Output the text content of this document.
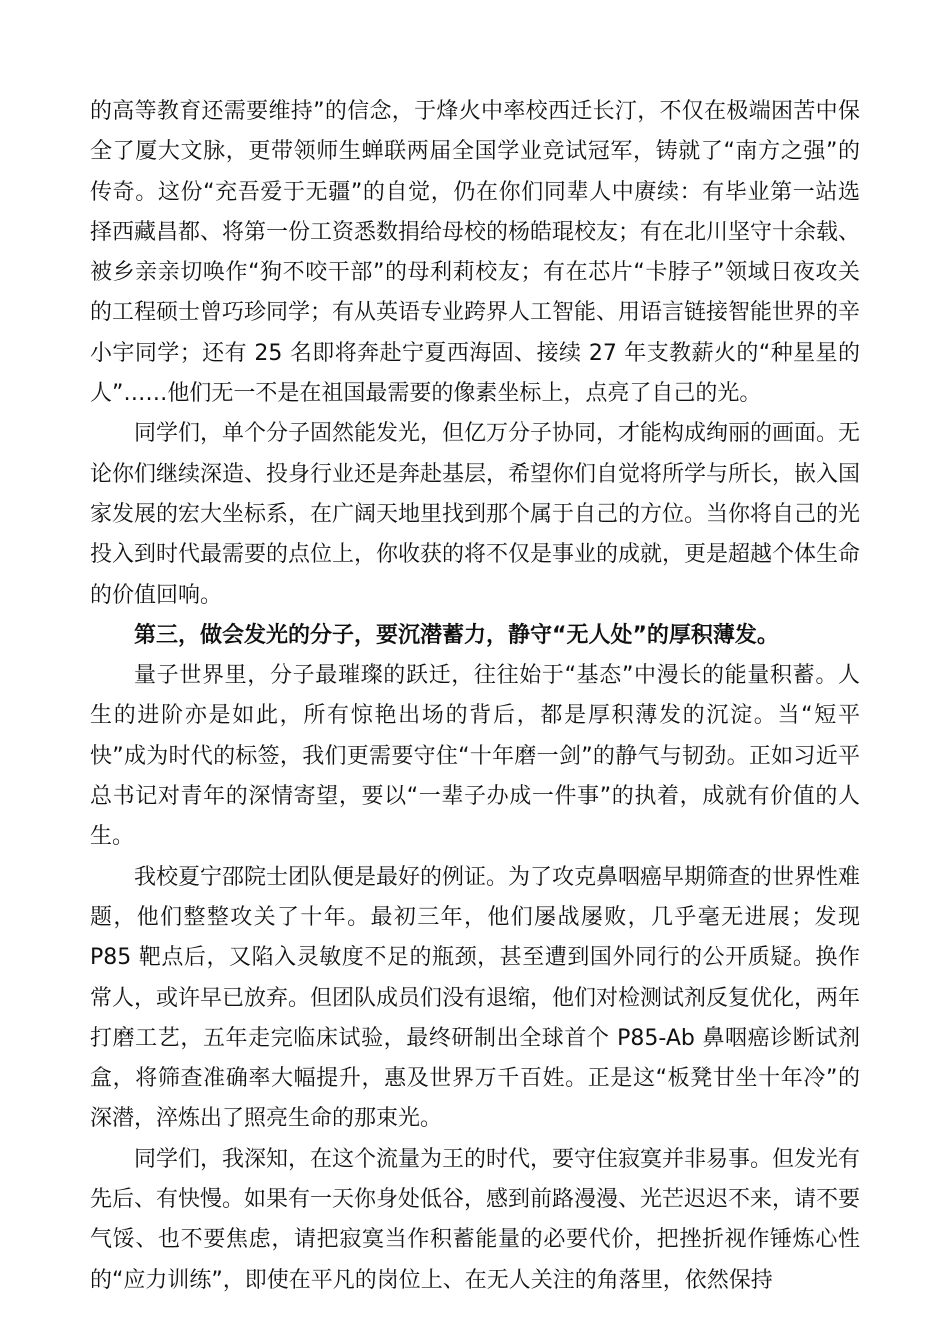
的高等教育还需要维持”的信念，于烽火中率校西迁长汀，不仅在极端困苦中保全了厦大文脉，更带领师生蝉联两届全国学业竞试冠军，铸就了“南方之强”的传奇。这份“充吾爱于无疆”的自觉，仍在你们同辈人中赓续：有毕业第一站选择西藏昌都、将第一份工资悉数捐给母校的杨皓琨校友；有在北川坚守十余载、被乡亲亲切唤作“狗不咬干部”的母利莉校友；有在芯片“卡脖子”领域日夜攻关的工程硕士曾巧珍同学；有从英语专业跨界人工智能、用语言链接智能世界的辛小宇同学；还有 25 名即将奔赴宁夏西海固、接续 27 年支教薪火的“种星星的人”……他们无一不是在祖国最需要的像素坐标上，点亮了自己的光。

同学们，单个分子固然能发光，但亿万分子协同，才能构成绚丽的画面。无论你们继续深造、投身行业还是奔赴基层，希望你们自觉将所学与所长，嵌入国家发展的宏大坐标系，在广阔天地里找到那个属于自己的方位。当你将自己的光投入到时代最需要的点位上，你收获的将不仅是事业的成就，更是超越个体生命的价值回响。

第三，做会发光的分子，要沉潜蓄力，静守“无人处”的厚积薄发。

量子世界里，分子最璀璨的跃迁，往往始于“基态”中漫长的能量积蓄。人生的进阶亦是如此，所有惊艳出场的背后，都是厚积薄发的沉淀。当“短平快”成为时代的标签，我们更需要守住“十年磨一剑”的静气与韧劲。正如习近平总书记对青年的深情寄望，要以“一辈子办成一件事”的执着，成就有价值的人生。

我校夏宁邵院士团队便是最好的例证。为了攻克鼻咽癌早期筛查的世界性难题，他们整整攻关了十年。最初三年，他们屡战屡败，几乎毫无进展；发现 P85 靶点后，又陷入灵敏度不足的瓶颈，甚至遭到国外同行的公开质疑。换作常人，或许早已放弃。但团队成员们没有退缩，他们对检测试剂反复优化，两年打磨工艺，五年走完临床试验，最终研制出全球首个 P85-Ab 鼻咽癌诊断试剂盒，将筛查准确率大幅提升，惠及世界万千百姓。正是这“板凳甘坐十年冷”的深潜，淬炼出了照亮生命的那束光。

同学们，我深知，在这个流量为王的时代，要守住寂寞并非易事。但发光有先后、有快慢。如果有一天你身处低谷，感到前路漫漫、光芒迟迟不来，请不要气馁、也不要焦虑，请把寂寞当作积蓄能量的必要代价，把挫折视作锤炼心性的“应力训练”，即使在平凡的岗位上、在无人关注的角落里，依然保持
